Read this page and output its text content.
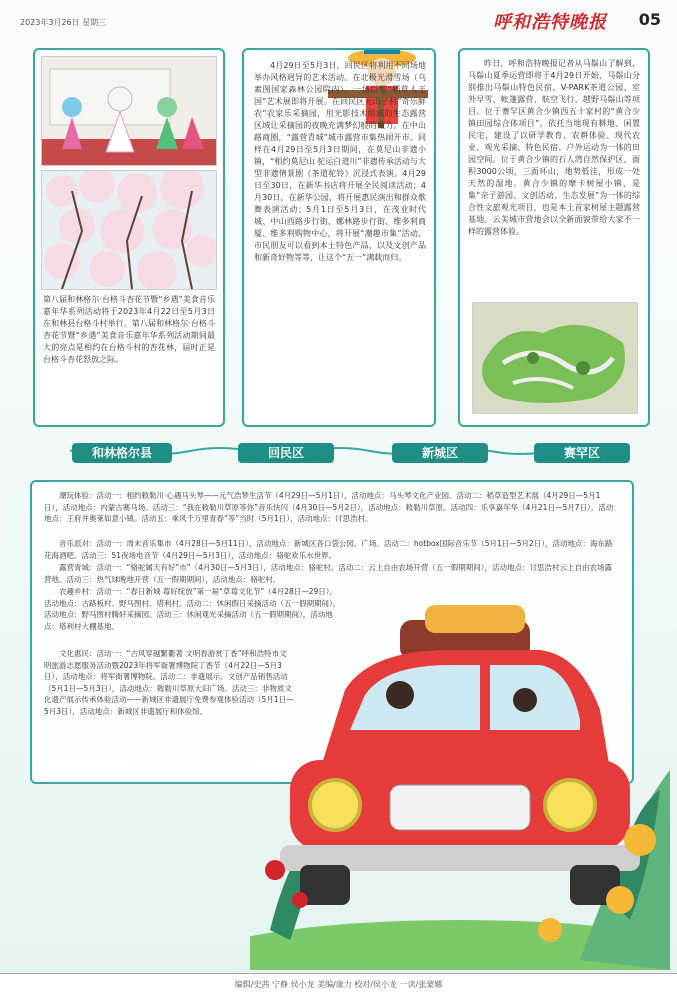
2023年3月26日 星期三	呼和浩特晚报 05
第八届和林格尔·台格斗杏花节暨“乡遇”美食音乐嘉年华系列活动将于2023年4月22日至5月3日在和林县台格斗村举行。第八届和林格尔·台格斗杏花节暨“乡遇”美食音乐嘉年华系列活动期间最大的亮点是相约在台格斗村的杏花林，届时正是台格斗杏花怒放之际。
4月29日至5月3日，回民区将利用不同场地举办风格迥异的艺术活动。在北极光滑雪场（乌素图国家森林公园院内），一场巨型“稻草人王国”艺术展即将开展。在回民区元山子村“奇乐鲜农”农家乐采摘园，用光影技术组成的生态露营区域让采摘园的夜晚充满梦幻般的魔力。在中山路商圈，“露营青城”城市露营市集热闹开市。同样在4月29日至5月3日期间，在莫尼山非遗小镇，“相约莫尼山 驼运白道川”非遗传承活动与大型非遗情景剧《茶道驼铃》沉浸式表演。4月29日至30日，在新华书店将开展全民阅读活动；4月30日，在新华公园，将开展惠民演出和群众歌舞表演活动；5月1日至5月3日，在茂业时代城、中山西路步行街、娜林路步行街、维多利商厦、维多利购物中心，将开展“潮趣市集”活动，市民朋友可以看到本土特色产品，以及文创产品和新奇好物等等，让这个“五一”满载而归。
昨日，呼和浩特晚报记者从马鬃山了解到，马鬃山夏季运营即将于4月29日开始，马鬃山分别推出马鬃山特色民宿、V-PARK茶道公园、室外早雪、帐篷露营、航空飞行、越野马鬃山等项目。位于赛罕区黄合少镇西五十家村的“黄合少镇田园综合体项目”，依托当地现有耕地、闲置民宅，建设了以研学教育、农耕体验、现代农业、观光采摘、特色民宿、户外运动为一体的田园空间。位于黄合少镇的石人湾自然保护区，面积3000公顷，三面环山，地势低洼，形成一处天然的湿地。黄合少镇的摩卡树屋小镇，是集“亲子游园、文创活动、生态发展”为一体的综合性文旅观光项目，也是本土首家树屋主题露营基地。云美城市营地会以全新面貌带给大家不一样的露营体验。
和林格尔县	回民区	新城区	赛罕区
潮玩体验：活动一：相约敕勒川·心遇马头琴——元气浩梦生活节（4月29日—5月1日），活动地点：马头琴文化产业园。活动二：稻草造型艺术展（4月29日—5月1日），活动地点：内蒙古赛马场。活动三：“我在敕勒川草原等你”音乐快闪（4月30日—5月2日），活动地点：敕勒川草原。活动四：乐享嘉年华（4月21日—5月7日），活动地点：王府井奥莱如意小镇。活动五：乘风千万里青春“等”当时（5月1日），活动地点：讨思浩村。
音乐派对：活动一：周末音乐集市（4月28日—5月11日），活动地点：新城区各口袋公园、广场。活动二：hotbox国际音乐节（5月1日—5月2日），活动地点：海东路花海酒吧。活动三：51夜场电音节（4月29日—5月3日），活动地点：骆驼欢乐水世界。
露营青城：活动一：“骆驼属天有好”市”（4月30日—5月3日），活动地点：骆驼村。活动二：云上自由农场开营（五一假期期间），活动地点：讨思浩村云上自由农场露营地。活动三：热气球晚地开营（五一假期期间），活动地点：骆驼村。
农趣乡村：活动一：“春日新城 莓好绽放”第一届“草莓文化节”（4月28日—29日），活动地点：古路板村、野马图村、塔利村。活动二：休闲假日采摘活动（五一假期期间），活动地点：野马图村腾轩采摘园。活动三：休闲观光采摘活动（五一假期期间），活动地点：塔利村大棚基地。
文化惠民：活动一：“古风穿越繁衢著 文明春游赏丁香”呼和浩特市文明旅游志愿服务活动暨2023年将军衙署博物院丁香节（4月22日—5月3日），活动地点：将军衙署博物院。活动二：非遗展示、文创产品销售活动（5月1日—5月3日），活动地点：敕勒川草原大旧广场。活动三：非物质文化遗产展示传承体验活动——新城区非遗展厅免费参观体验活动（5月1日—5月3日），活动地点：新城区非遗展厅和体验馆。
编辑/史茜 宁静 侯小龙 美编/康力 校对/侯小龙 一读/张蒙娜
